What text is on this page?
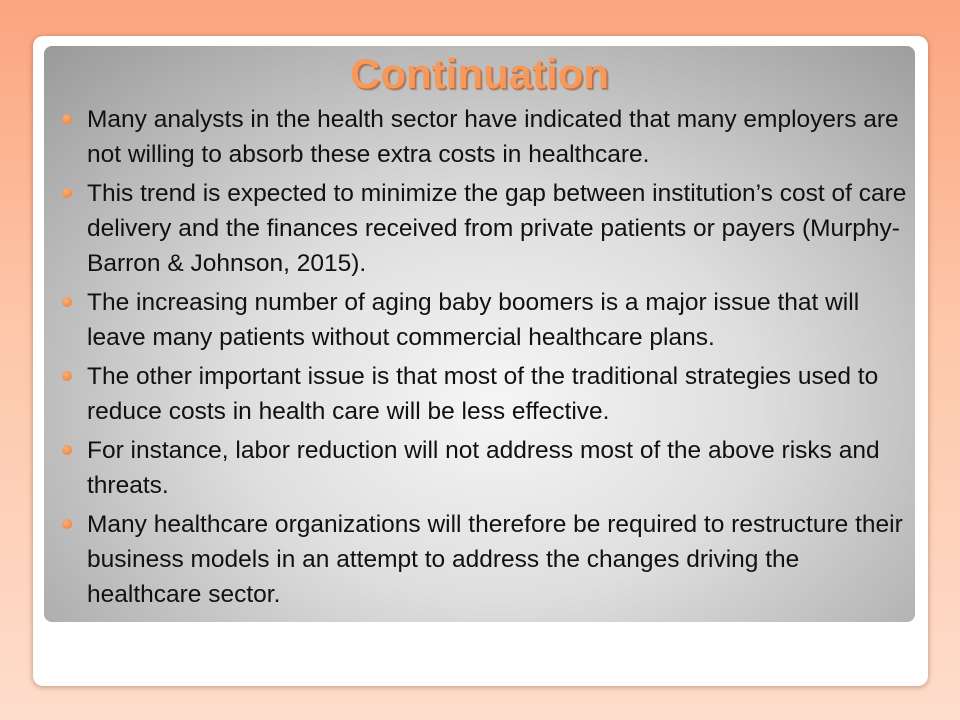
Continuation
Many analysts in the health sector have indicated that many employers are not willing to absorb these extra costs in healthcare.
This trend is expected to minimize the gap between institution’s cost of care delivery and the finances received from private patients or payers (Murphy-Barron & Johnson, 2015).
The increasing number of aging baby boomers is a major issue that will leave many patients without commercial healthcare plans.
The other important issue is that most of the traditional strategies used to reduce costs in health care will be less effective.
For instance, labor reduction will not address most of the above risks and threats.
Many healthcare organizations will therefore be required to restructure their business models in an attempt to address the changes driving the healthcare sector.
